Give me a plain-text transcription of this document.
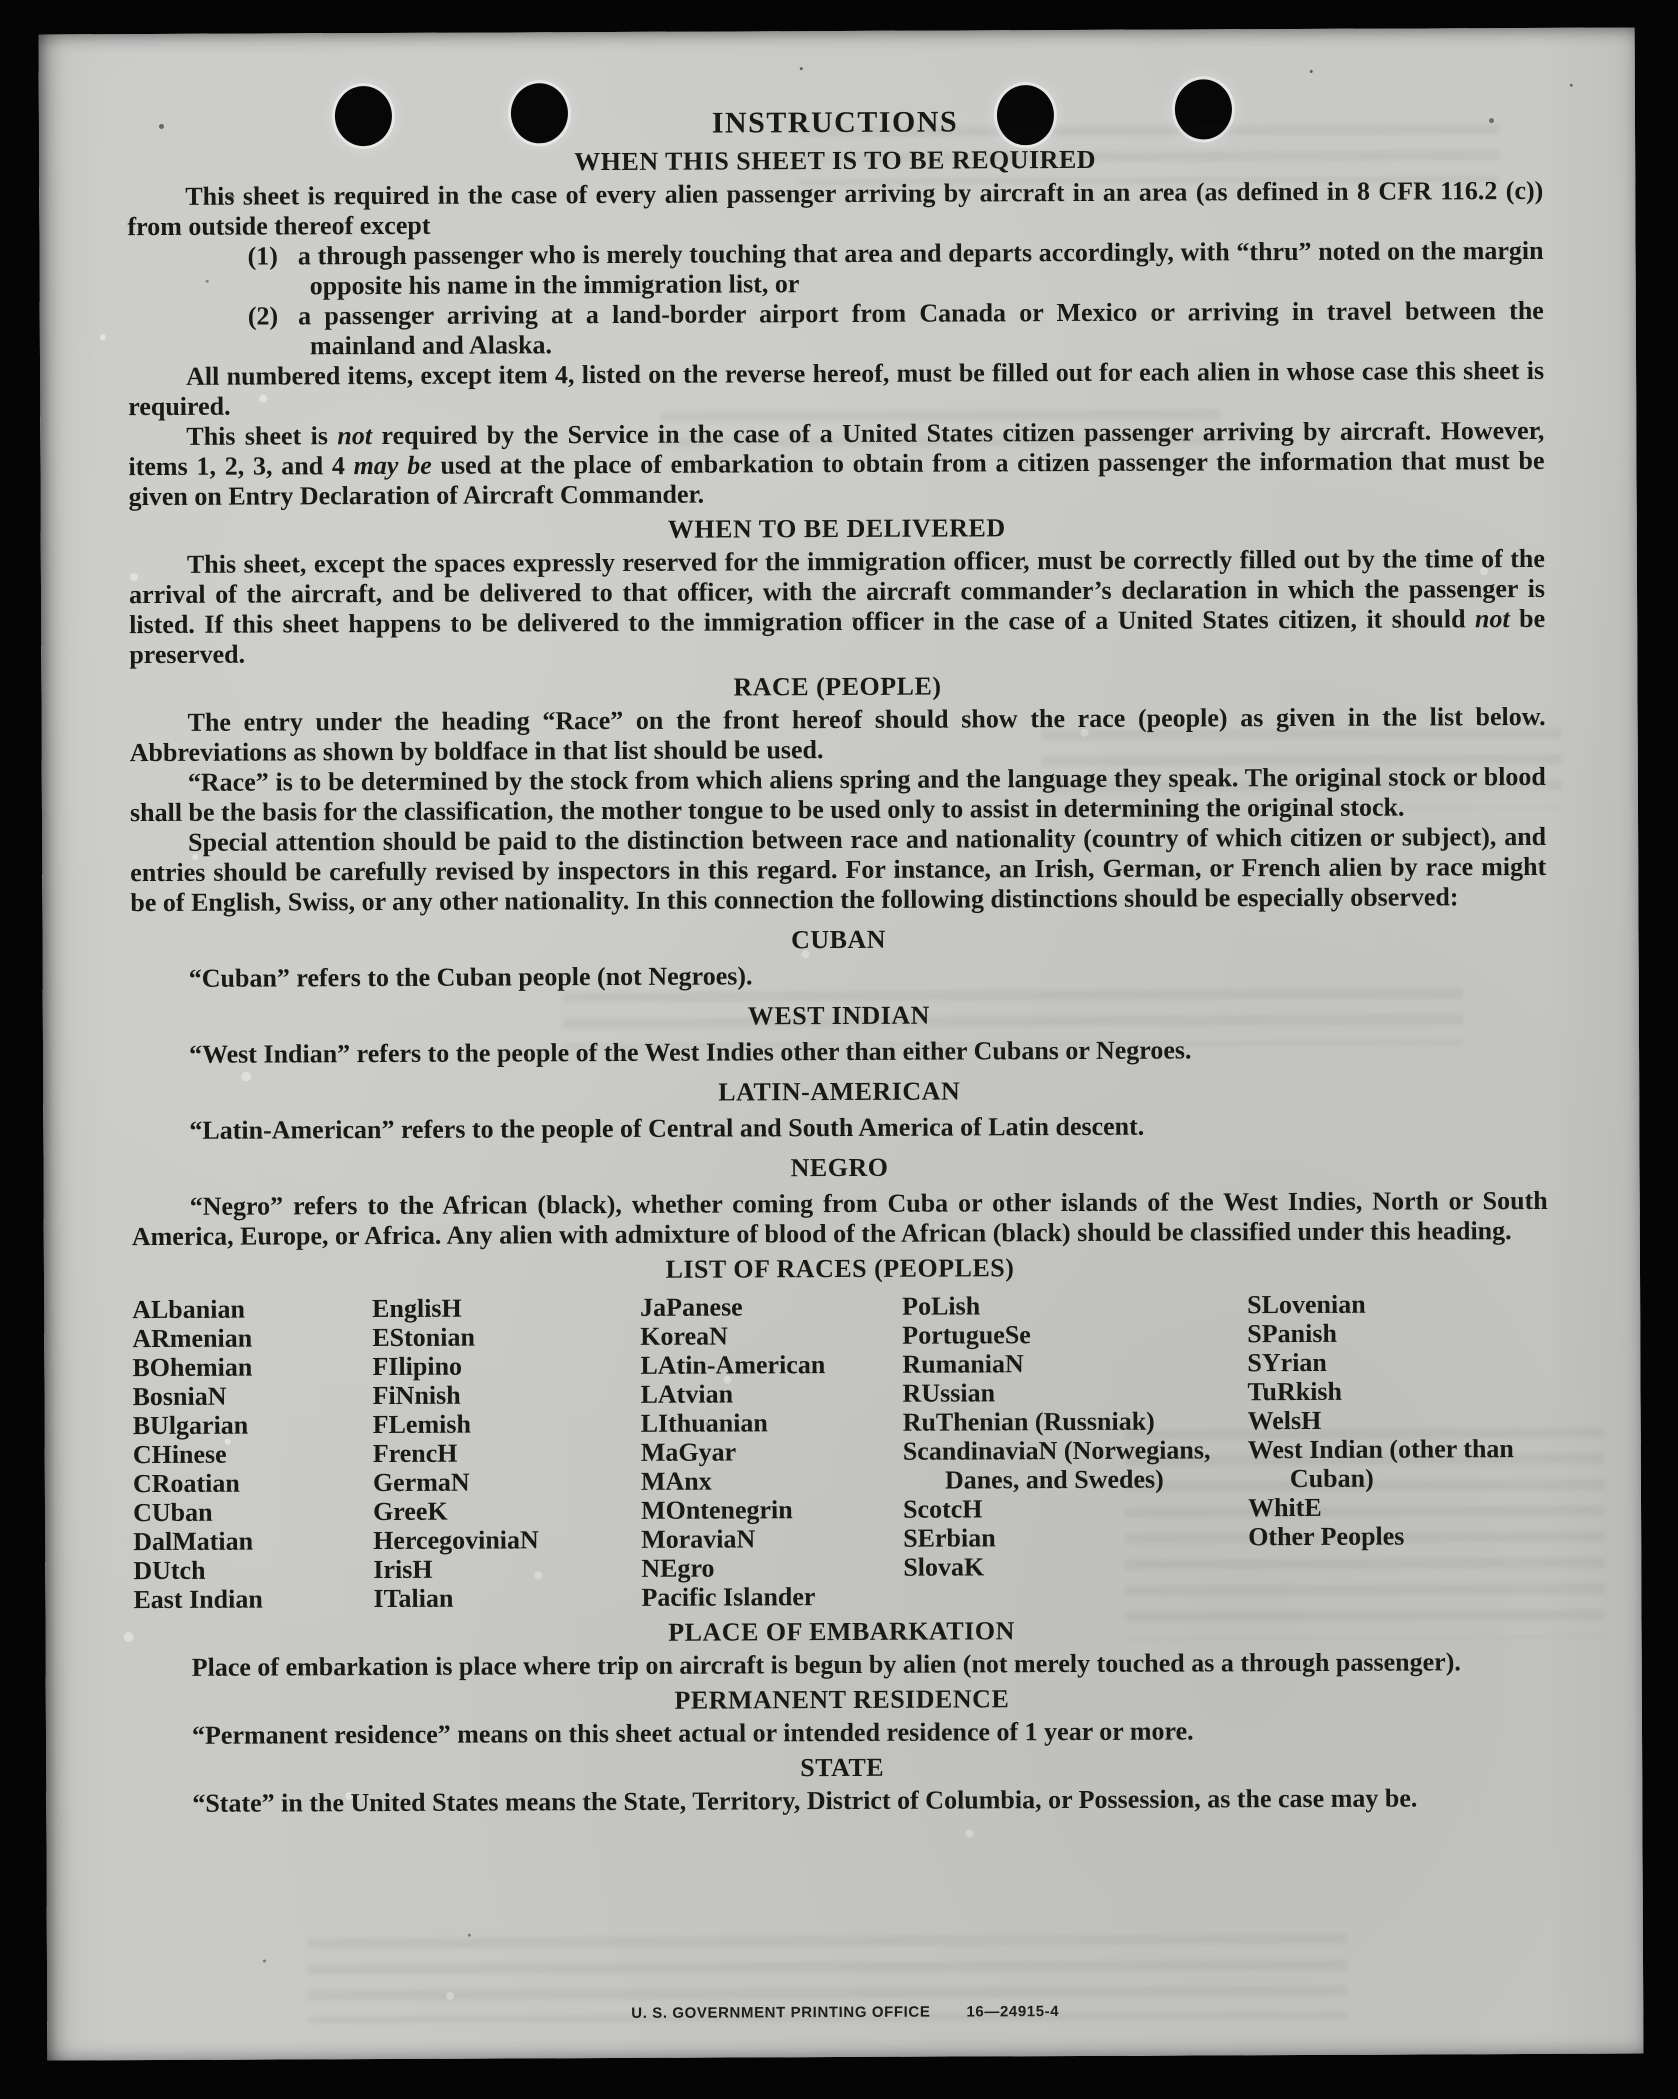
INSTRUCTIONS
WHEN THIS SHEET IS TO BE REQUIRED

This sheet is required in the case of every alien passenger arriving by aircraft in an area (as defined in 8 CFR 116.2 (c)) from outside thereof except

(1) a through passenger who is merely touching that area and departs accordingly, with “thru” noted on the margin opposite his name in the immigration list, or

(2) a passenger arriving at a land-border airport from Canada or Mexico or arriving in travel between the mainland and Alaska.

All numbered items, except item 4, listed on the reverse hereof, must be filled out for each alien in whose case this sheet is required.

This sheet is not required by the Service in the case of a United States citizen passenger arriving by aircraft. However, items 1, 2, 3, and 4 may be used at the place of embarkation to obtain from a citizen passenger the information that must be given on Entry Declaration of Aircraft Commander.

WHEN TO BE DELIVERED

This sheet, except the spaces expressly reserved for the immigration officer, must be correctly filled out by the time of the arrival of the aircraft, and be delivered to that officer, with the aircraft commander’s declaration in which the passenger is listed. If this sheet happens to be delivered to the immigration officer in the case of a United States citizen, it should not be preserved.

RACE (PEOPLE)

The entry under the heading “Race” on the front hereof should show the race (people) as given in the list below. Abbreviations as shown by boldface in that list should be used.

“Race” is to be determined by the stock from which aliens spring and the language they speak. The original stock or blood shall be the basis for the classification, the mother tongue to be used only to assist in determining the original stock.

Special attention should be paid to the distinction between race and nationality (country of which citizen or subject), and entries should be carefully revised by inspectors in this regard. For instance, an Irish, German, or French alien by race might be of English, Swiss, or any other nationality. In this connection the following distinctions should be especially observed:

CUBAN

“Cuban” refers to the Cuban people (not Negroes).

WEST INDIAN

“West Indian” refers to the people of the West Indies other than either Cubans or Negroes.

LATIN-AMERICAN

“Latin-American” refers to the people of Central and South America of Latin descent.

NEGRO

“Negro” refers to the African (black), whether coming from Cuba or other islands of the West Indies, North or South America, Europe, or Africa. Any alien with admixture of blood of the African (black) should be classified under this heading.

LIST OF RACES (PEOPLES)
ALbanian
ARmenian
BOhemian
BosniaN
BUlgarian
CHinese
CRoatian
CUban
DalMatian
DUtch
East Indian
EnglisH
EStonian
FIlipino
FiNnish
FLemish
FrencH
GermaN
GreeK
HercegoviniaN
IrisH
ITalian
JaPanese
KoreaN
LAtin-American
LAtvian
LIthuanian
MaGyar
MAnx
MOntenegrin
MoraviaN
NEgro
Pacific Islander
PoLish
PortugueSe
RumaniaN
RUssian
RuThenian (Russniak)
ScandinaviaN (Norwegians, Danes, and Swedes)
ScotcH
SErbian
SlovaK
SLovenian
SPanish
SYrian
TuRkish
WelsH
West Indian (other than Cuban)
WhitE
Other Peoples
PLACE OF EMBARKATION

Place of embarkation is place where trip on aircraft is begun by alien (not merely touched as a through passenger).

PERMANENT RESIDENCE

“Permanent residence” means on this sheet actual or intended residence of 1 year or more.

STATE

“State” in the United States means the State, Territory, District of Columbia, or Possession, as the case may be.

U. S. GOVERNMENT PRINTING OFFICE 16—24915-4
